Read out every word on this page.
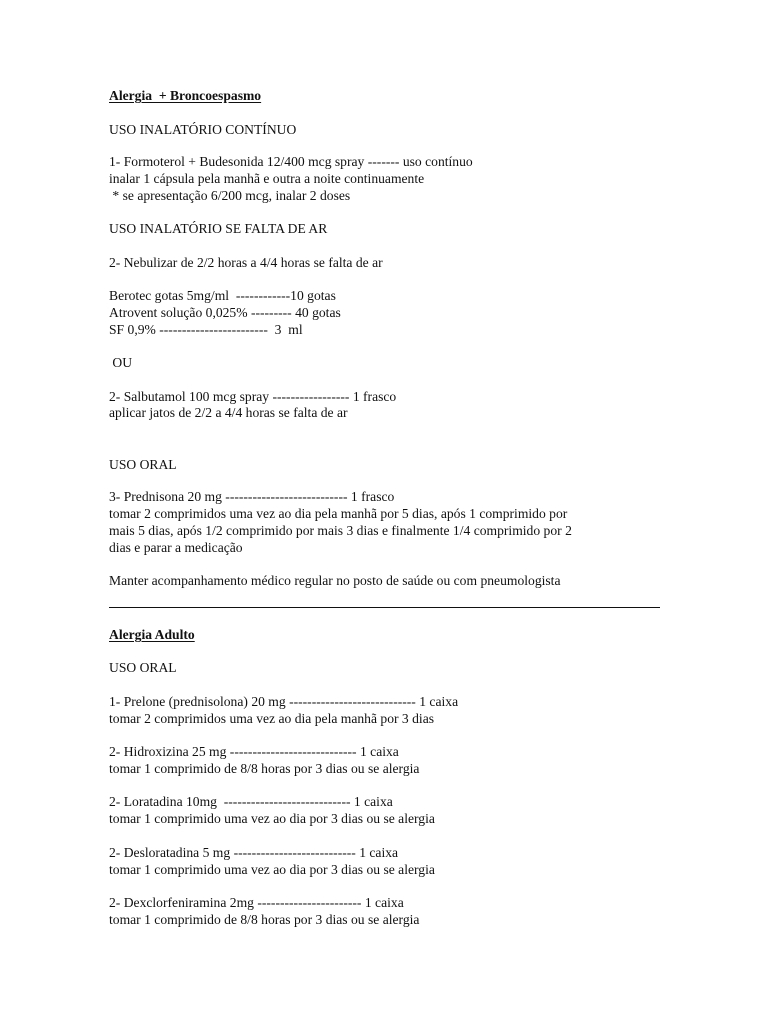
Alergia  + Broncoespasmo

USO INALATÓRIO CONTÍNUO

1- Formoterol + Budesonida 12/400 mcg spray ------- uso contínuo

inalar 1 cápsula pela manhã e outra a noite continuamente

* se apresentação 6/200 mcg, inalar 2 doses

USO INALATÓRIO SE FALTA DE AR

2- Nebulizar de 2/2 horas a 4/4 horas se falta de ar

Berotec gotas 5mg/ml  ------------10 gotas

Atrovent solução 0,025% --------- 40 gotas

SF 0,9% ------------------------  3  ml

OU

2- Salbutamol 100 mcg spray ----------------- 1 frasco

aplicar jatos de 2/2 a 4/4 horas se falta de ar

USO ORAL

3- Prednisona 20 mg --------------------------- 1 frasco

tomar 2 comprimidos uma vez ao dia pela manhã por 5 dias, após 1 comprimido por

mais 5 dias, após 1/2 comprimido por mais 3 dias e finalmente 1/4 comprimido por 2

dias e parar a medicação

Manter acompanhamento médico regular no posto de saúde ou com pneumologista

Alergia Adulto

USO ORAL

1- Prelone (prednisolona) 20 mg ---------------------------- 1 caixa

tomar 2 comprimidos uma vez ao dia pela manhã por 3 dias

2- Hidroxizina 25 mg ---------------------------- 1 caixa

tomar 1 comprimido de 8/8 horas por 3 dias ou se alergia

2- Loratadina 10mg  ---------------------------- 1 caixa

tomar 1 comprimido uma vez ao dia por 3 dias ou se alergia

2- Desloratadina 5 mg --------------------------- 1 caixa

tomar 1 comprimido uma vez ao dia por 3 dias ou se alergia

2- Dexclorfeniramina 2mg ----------------------- 1 caixa

tomar 1 comprimido de 8/8 horas por 3 dias ou se alergia
